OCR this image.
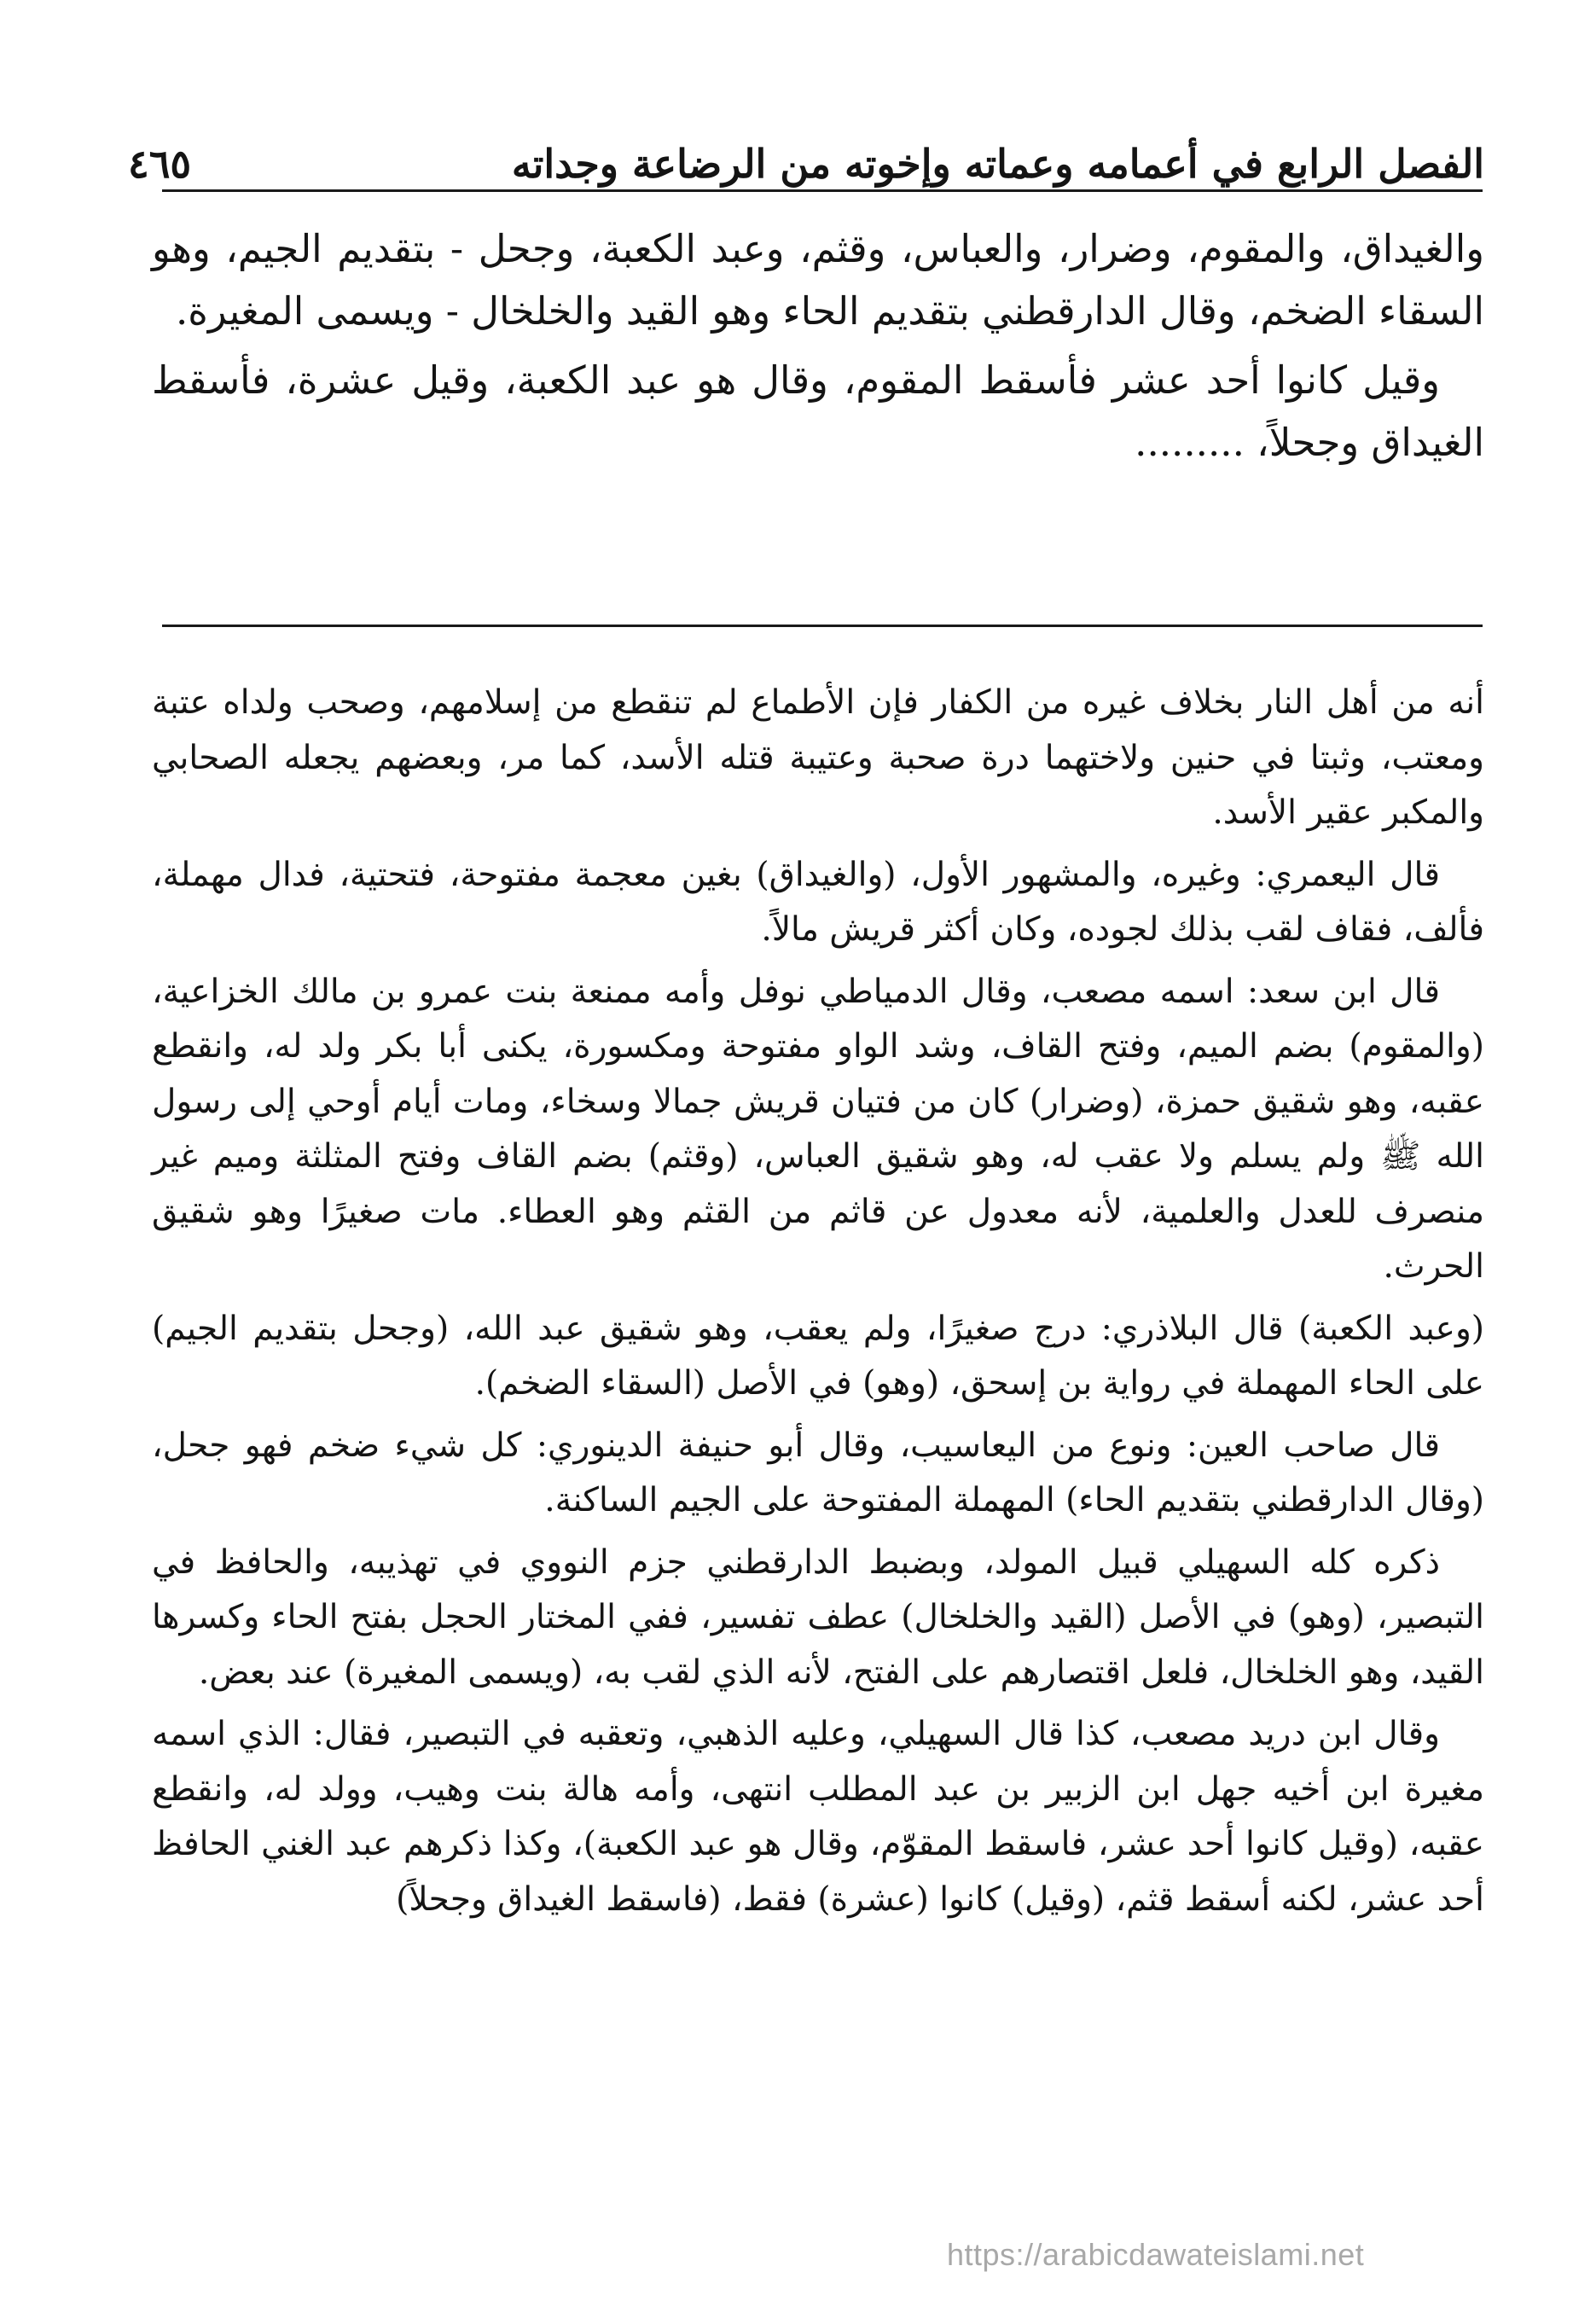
٤٦٥	الفصل الرابع في أعمامه وعماته وإخوته من الرضاعة وجداته

والغيداق، والمقوم، وضرار، والعباس، وقثم، وعبد الكعبة، وجحل - بتقديم الجيم، وهو السقاء الضخم، وقال الدارقطني بتقديم الحاء وهو القيد والخلخال - ويسمى المغيرة.

وقيل كانوا أحد عشر فأسقط المقوم، وقال هو عبد الكعبة، وقيل عشرة، فأسقط الغيداق وجحلاً، .........

أنه من أهل النار بخلاف غيره من الكفار فإن الأطماع لم تنقطع من إسلامهم، وصحب ولداه عتبة ومعتب، وثبتا في حنين ولاختهما درة صحبة وعتيبة قتله الأسد، كما مر، وبعضهم يجعله الصحابي والمكبر عقير الأسد.

قال اليعمري: وغيره، والمشهور الأول، (والغيداق) بغين معجمة مفتوحة، فتحتية، فدال مهملة، فألف، فقاف لقب بذلك لجوده، وكان أكثر قريش مالاً.

قال ابن سعد: اسمه مصعب، وقال الدمياطي نوفل وأمه ممنعة بنت عمرو بن مالك الخزاعية، (والمقوم) بضم الميم، وفتح القاف، وشد الواو مفتوحة ومكسورة، يكنى أبا بكر ولد له، وانقطع عقبه، وهو شقيق حمزة، (وضرار) كان من فتيان قريش جمالا وسخاء، ومات أيام أوحي إلى رسول الله ﷺ ولم يسلم ولا عقب له، وهو شقيق العباس، (وقثم) بضم القاف وفتح المثلثة وميم غير منصرف للعدل والعلمية، لأنه معدول عن قاثم من القثم وهو العطاء. مات صغيرًا وهو شقيق الحرث.

(وعبد الكعبة) قال البلاذري: درج صغيرًا، ولم يعقب، وهو شقيق عبد الله، (وجحل بتقديم الجيم) على الحاء المهملة في رواية بن إسحق، (وهو) في الأصل (السقاء الضخم).

قال صاحب العين: ونوع من اليعاسيب، وقال أبو حنيفة الدينوري: كل شيء ضخم فهو جحل، (وقال الدارقطني بتقديم الحاء) المهملة المفتوحة على الجيم الساكنة.

ذكره كله السهيلي قبيل المولد، وبضبط الدارقطني جزم النووي في تهذيبه، والحافظ في التبصير، (وهو) في الأصل (القيد والخلخال) عطف تفسير، ففي المختار الحجل بفتح الحاء وكسرها القيد، وهو الخلخال، فلعل اقتصارهم على الفتح، لأنه الذي لقب به، (ويسمى المغيرة) عند بعض.

وقال ابن دريد مصعب، كذا قال السهيلي، وعليه الذهبي، وتعقبه في التبصير، فقال: الذي اسمه مغيرة ابن أخيه جهل ابن الزبير بن عبد المطلب انتهى، وأمه هالة بنت وهيب، وولد له، وانقطع عقبه، (وقيل كانوا أحد عشر، فاسقط المقوّم، وقال هو عبد الكعبة)، وكذا ذكرهم عبد الغني الحافظ أحد عشر، لكنه أسقط قثم، (وقيل) كانوا (عشرة) فقط، (فاسقط الغيداق وجحلاً)

https://arabicdawateislami.net
